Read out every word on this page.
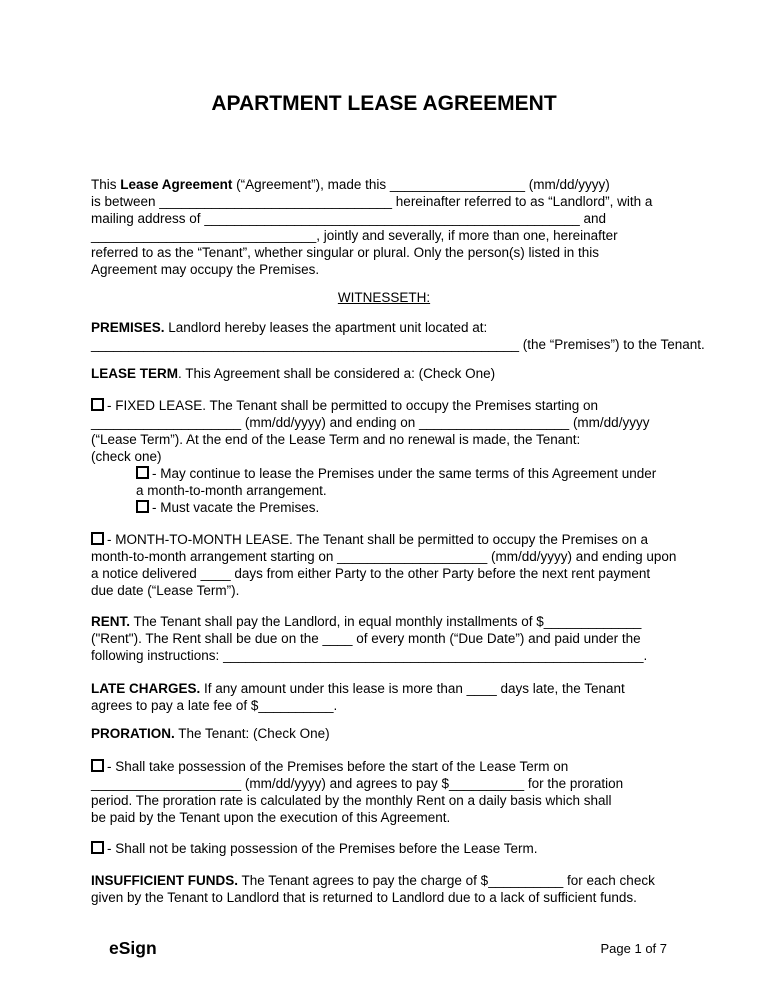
APARTMENT LEASE AGREEMENT
This Lease Agreement (“Agreement”), made this __________________ (mm/dd/yyyy)
is between _______________________________ hereinafter referred to as “Landlord”, with a
mailing address of __________________________________________________ and
______________________________, jointly and severally, if more than one, hereinafter
referred to as the “Tenant”, whether singular or plural. Only the person(s) listed in this
Agreement may occupy the Premises.
WITNESSETH:
PREMISES. Landlord hereby leases the apartment unit located at:
_________________________________________________________ (the “Premises”) to the Tenant.
LEASE TERM. This Agreement shall be considered a: (Check One)
- FIXED LEASE. The Tenant shall be permitted to occupy the Premises starting on
____________________ (mm/dd/yyyy) and ending on ____________________ (mm/dd/yyyy
(“Lease Term”). At the end of the Lease Term and no renewal is made, the Tenant:
(check one)
- May continue to lease the Premises under the same terms of this Agreement under
a month-to-month arrangement.
- Must vacate the Premises.
- MONTH-TO-MONTH LEASE. The Tenant shall be permitted to occupy the Premises on a
month-to-month arrangement starting on ____________________ (mm/dd/yyyy) and ending upon
a notice delivered ____ days from either Party to the other Party before the next rent payment
due date (“Lease Term”).
RENT. The Tenant shall pay the Landlord, in equal monthly installments of $_____________
("Rent"). The Rent shall be due on the ____ of every month (“Due Date”) and paid under the
following instructions: ________________________________________________________.
LATE CHARGES. If any amount under this lease is more than ____ days late, the Tenant
agrees to pay a late fee of $__________.
PRORATION. The Tenant: (Check One)
- Shall take possession of the Premises before the start of the Lease Term on
____________________ (mm/dd/yyyy) and agrees to pay $__________ for the proration
period. The proration rate is calculated by the monthly Rent on a daily basis which shall
be paid by the Tenant upon the execution of this Agreement.
- Shall not be taking possession of the Premises before the Lease Term.
INSUFFICIENT FUNDS. The Tenant agrees to pay the charge of $__________ for each check
given by the Tenant to Landlord that is returned to Landlord due to a lack of sufficient funds.
eSign	Page 1 of 7
